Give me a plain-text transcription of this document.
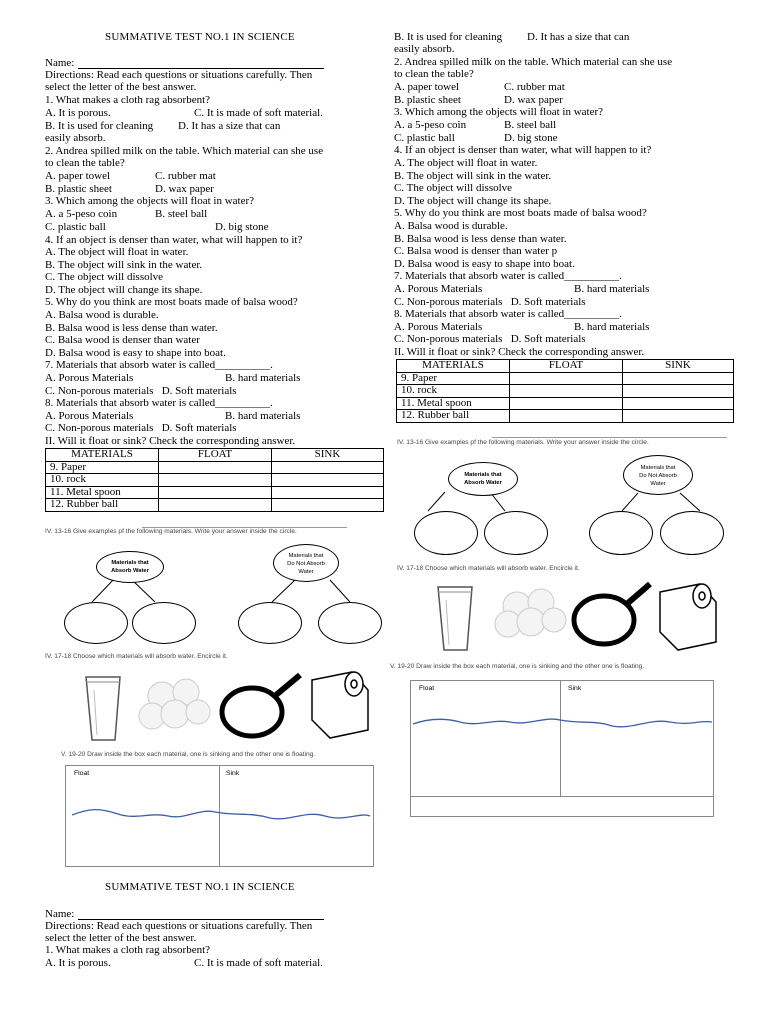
SUMMATIVE TEST NO.1 IN SCIENCE
Name:
Directions: Read each questions or situations carefully. Then
select the letter of the best answer.
1. What makes a cloth rag absorbent?
A. It is porous.	C. It is made of soft material.
B. It is used for cleaning D. It has a size that can
easily absorb.
2. Andrea spilled milk on the table. Which material can she use
to clean the table?
A. paper towel	C. rubber mat
B. plastic sheet	D. wax paper
3. Which among the objects will float in water?
A. a 5-peso coin	B. steel ball
C. plastic ball	D. big stone
4. If an object is denser than water, what will happen to it?
A. The object will float in water.
B. The object will sink in the water.
C. The object will dissolve
D. The object will change its shape.
5. Why do you think are most boats made of balsa wood?
A. Balsa wood is durable.
B. Balsa wood is less dense than water.
C. Balsa wood is denser than water
D. Balsa wood is easy to shape into boat.
7. Materials that absorb water is called__________.
A. Porous Materials	B. hard materials
C. Non-porous materials D. Soft materials
8. Materials that absorb water is called__________.
A. Porous Materials	B. hard materials
C. Non-porous materials D. Soft materials
II. Will it float or sink? Check the corresponding answer.
MATERIALS	FLOAT	SINK
9. Paper		
10. rock		
11. Metal spoon		
12. Rubber ball		
IV. 13-16 Give examples pf the following materials. Write your answer inside the circle.
Materials that
Absorb Water
Materials that
Do Not Absorb
Water
IV. 17-18 Choose which materials will absorb water. Encircle it.
V. 19-20 Draw inside the box each material, one is sinking and the other one is floating.
Float	Sink
SUMMATIVE TEST NO.1 IN SCIENCE
Name:
Directions: Read each questions or situations carefully. Then
select the letter of the best answer.
1. What makes a cloth rag absorbent?
A. It is porous.	C. It is made of soft material.
B. It is used for cleaning D. It has a size that can
easily absorb.
2. Andrea spilled milk on the table. Which material can she use
to clean the table?
A. paper towel	C. rubber mat
B. plastic sheet	D. wax paper
3. Which among the objects will float in water?
A. a 5-peso coin	B. steel ball
C. plastic ball	D. big stone
4. If an object is denser than water, what will happen to it?
A. The object will float in water.
B. The object will sink in the water.
C. The object will dissolve
D. The object will change its shape.
5. Why do you think are most boats made of balsa wood?
A. Balsa wood is durable.
B. Balsa wood is less dense than water.
C. Balsa wood is denser than water p
D. Balsa wood is easy to shape into boat.
7. Materials that absorb water is called__________.
A. Porous Materials	B. hard materials
C. Non-porous materials D. Soft materials
8. Materials that absorb water is called__________.
A. Porous Materials	B. hard materials
C. Non-porous materials D. Soft materials
II. Will it float or sink? Check the corresponding answer.
MATERIALS	FLOAT	SINK
9. Paper		
10. rock		
11. Metal spoon		
12. Rubber ball		
IV. 13-16 Give examples pf the following materials. Write your answer inside the circle.
Materials that
Absorb Water
Materials that
Do Not Absorb
Water
IV. 17-18 Choose which materials will absorb water. Encircle it.
V. 19-20 Draw inside the box each material, one is sinking and the other one is floating.
Float	Sink
